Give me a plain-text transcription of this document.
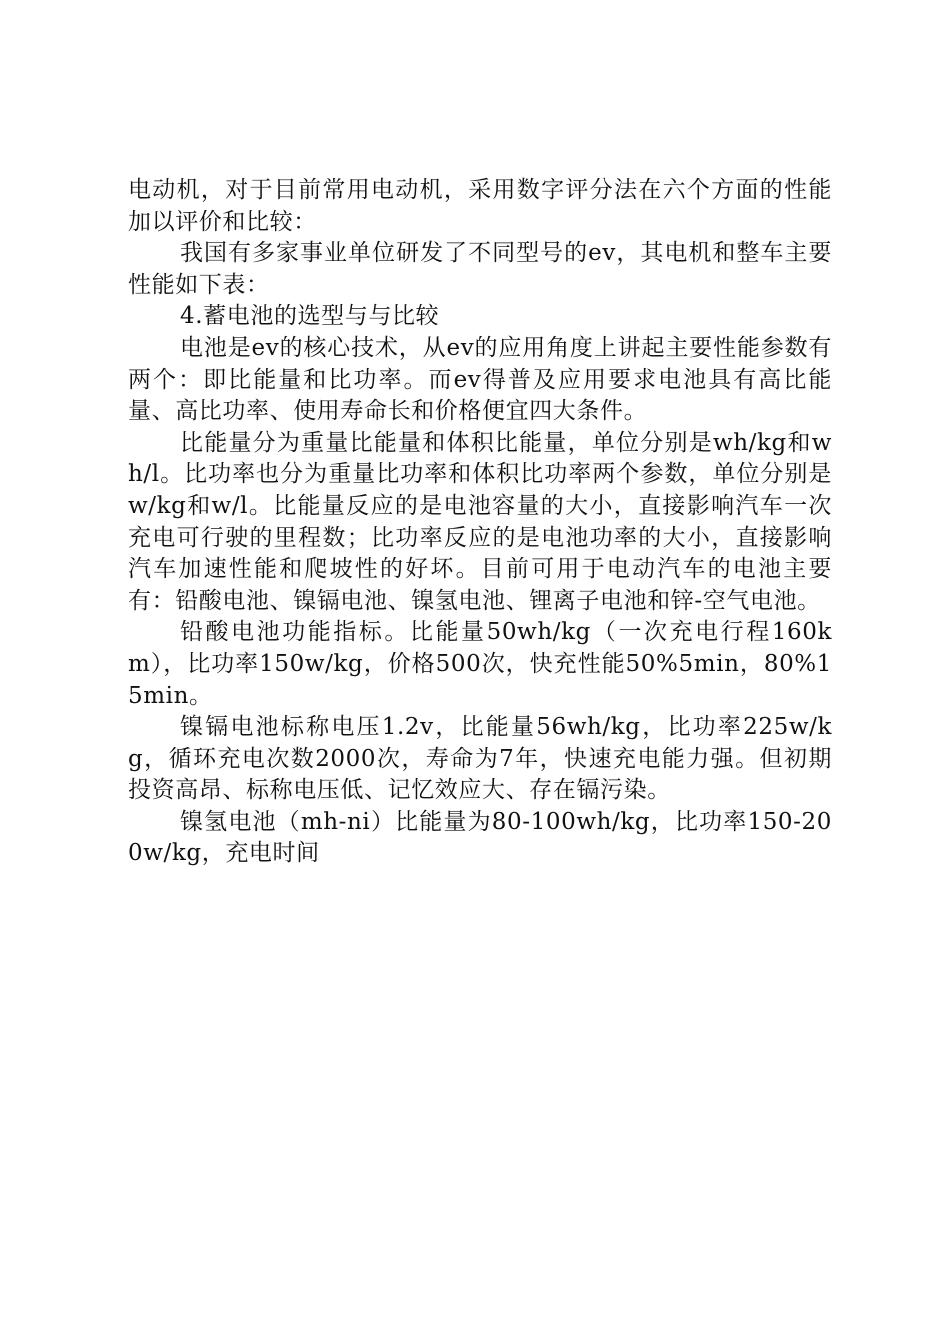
电动机，对于目前常用电动机，采用数字评分法在六个方面的性能加以评价和比较：

我国有多家事业单位研发了不同型号的ev，其电机和整车主要性能如下表：

4.蓄电池的选型与与比较

电池是ev的核心技术，从ev的应用角度上讲起主要性能参数有两个：即比能量和比功率。而ev得普及应用要求电池具有高比能量、高比功率、使用寿命长和价格便宜四大条件。

比能量分为重量比能量和体积比能量，单位分别是wh/kg和wh/l。比功率也分为重量比功率和体积比功率两个参数，单位分别是w/kg和w/l。比能量反应的是电池容量的大小，直接影响汽车一次充电可行驶的里程数；比功率反应的是电池功率的大小，直接影响汽车加速性能和爬坡性的好坏。目前可用于电动汽车的电池主要有：铅酸电池、镍镉电池、镍氢电池、锂离子电池和锌-空气电池。

铅酸电池功能指标。比能量50wh/kg（一次充电行程160km），比功率150w/kg，价格500次，快充性能50%5min，80%15min。

镍镉电池标称电压1.2v，比能量56wh/kg，比功率225w/kg，循环充电次数2000次，寿命为7年，快速充电能力强。但初期投资高昂、标称电压低、记忆效应大、存在镉污染。

镍氢电池（mh-ni）比能量为80-100wh/kg，比功率150-200w/kg，充电时间
